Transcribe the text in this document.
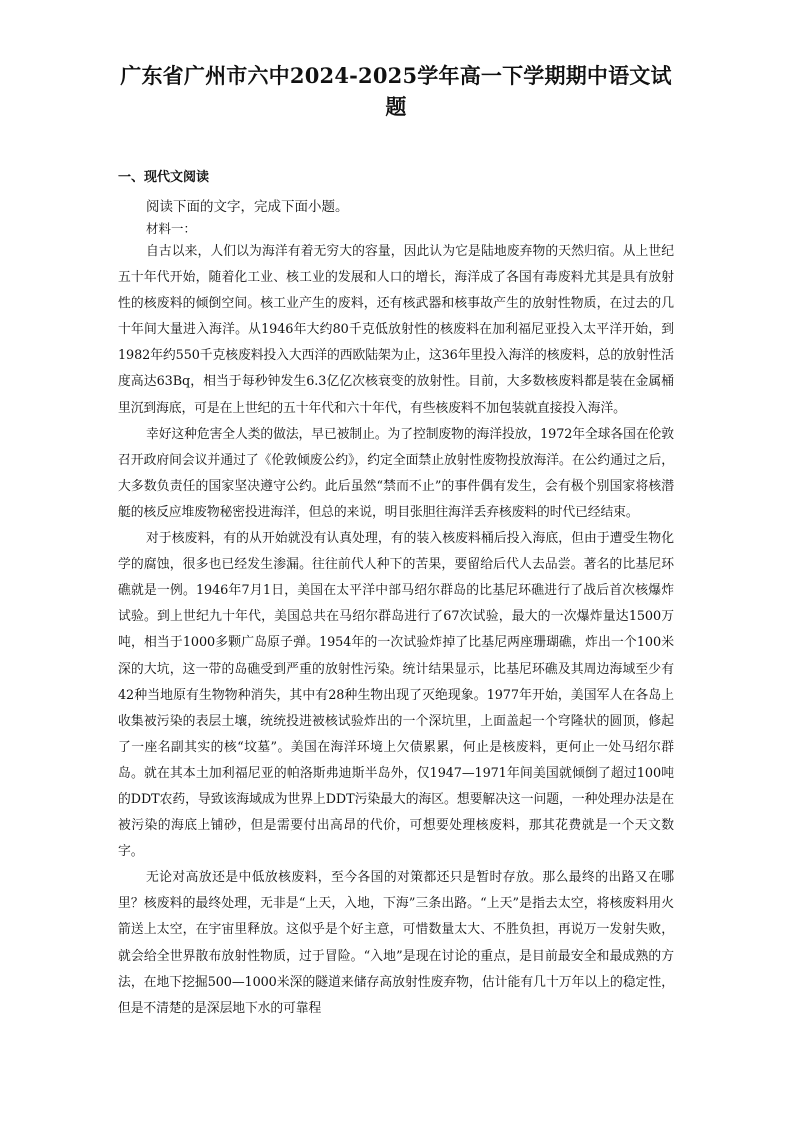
广东省广州市六中2024-2025学年高一下学期期中语文试题
一、现代文阅读
阅读下面的文字，完成下面小题。
材料一：

自古以来，人们以为海洋有着无穷大的容量，因此认为它是陆地废弃物的天然归宿。从上世纪五十年代开始，随着化工业、核工业的发展和人口的增长，海洋成了各国有毒废料尤其是具有放射性的核废料的倾倒空间。核工业产生的废料，还有核武器和核事故产生的放射性物质，在过去的几十年间大量进入海洋。从1946年大约80千克低放射性的核废料在加利福尼亚投入太平洋开始，到1982年约550千克核废料投入大西洋的西欧陆架为止，这36年里投入海洋的核废料，总的放射性活度高达63Bq，相当于每秒钟发生6.3亿亿次核衰变的放射性。目前，大多数核废料都是装在金属桶里沉到海底，可是在上世纪的五十年代和六十年代，有些核废料不加包装就直接投入海洋。

幸好这种危害全人类的做法，早已被制止。为了控制废物的海洋投放，1972年全球各国在伦敦召开政府间会议并通过了《伦敦倾废公约》，约定全面禁止放射性废物投放海洋。在公约通过之后，大多数负责任的国家坚决遵守公约。此后虽然“禁而不止”的事件偶有发生，会有极个别国家将核潜艇的核反应堆废物秘密投进海洋，但总的来说，明目张胆往海洋丢弃核废料的时代已经结束。

对于核废料，有的从开始就没有认真处理，有的装入核废料桶后投入海底，但由于遭受生物化学的腐蚀，很多也已经发生渗漏。往往前代人种下的苦果，要留给后代人去品尝。著名的比基尼环礁就是一例。1946年7月1日，美国在太平洋中部马绍尔群岛的比基尼环礁进行了战后首次核爆炸试验。到上世纪九十年代，美国总共在马绍尔群岛进行了67次试验，最大的一次爆炸量达1500万吨，相当于1000多颗广岛原子弹。1954年的一次试验炸掉了比基尼两座珊瑚礁，炸出一个100米深的大坑，这一带的岛礁受到严重的放射性污染。统计结果显示，比基尼环礁及其周边海域至少有42种当地原有生物物种消失，其中有28种生物出现了灭绝现象。1977年开始，美国军人在各岛上收集被污染的表层土壤，统统投进被核试验炸出的一个深坑里，上面盖起一个穹隆状的圆顶，修起了一座名副其实的核“坟墓”。美国在海洋环境上欠债累累，何止是核废料，更何止一处马绍尔群岛。就在其本土加利福尼亚的帕洛斯弗迪斯半岛外，仅1947—1971年间美国就倾倒了超过100吨的DDT农药，导致该海域成为世界上DDT污染最大的海区。想要解决这一问题，一种处理办法是在被污染的海底上铺砂，但是需要付出高昂的代价，可想要处理核废料，那其花费就是一个天文数字。

无论对高放还是中低放核废料，至今各国的对策都还只是暂时存放。那么最终的出路又在哪里？核废料的最终处理，无非是“上天，入地，下海”三条出路。“上天”是指去太空，将核废料用火箭送上太空，在宇宙里释放。这似乎是个好主意，可惜数量太大、不胜负担，再说万一发射失败，就会给全世界散布放射性物质，过于冒险。“入地”是现在讨论的重点，是目前最安全和最成熟的方法，在地下挖掘500—1000米深的隧道来储存高放射性废弃物，估计能有几十万年以上的稳定性，但是不清楚的是深层地下水的可靠程
